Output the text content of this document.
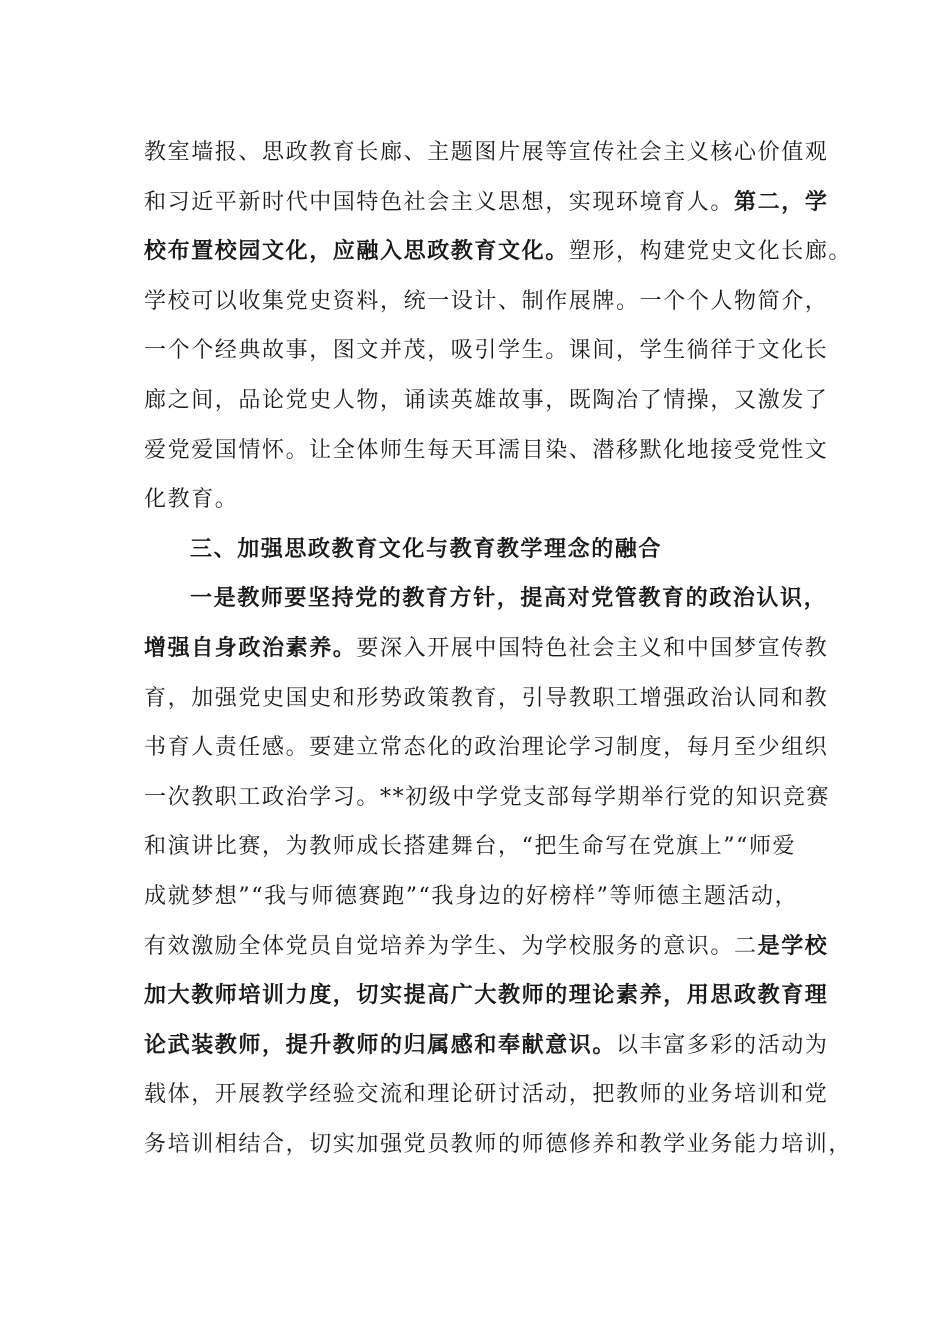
教室墙报、思政教育长廊、主题图片展等宣传社会主义核心价值观
和习近平新时代中国特色社会主义思想，实现环境育人。第二，学
校布置校园文化，应融入思政教育文化。塑形，构建党史文化长廊。
学校可以收集党史资料，统一设计、制作展牌。一个个人物简介，
一个个经典故事，图文并茂，吸引学生。课间，学生徜徉于文化长
廊之间，品论党史人物，诵读英雄故事，既陶冶了情操，又激发了
爱党爱国情怀。让全体师生每天耳濡目染、潜移默化地接受党性文
化教育。
三、加强思政教育文化与教育教学理念的融合
一是教师要坚持党的教育方针，提高对党管教育的政治认识，
增强自身政治素养。要深入开展中国特色社会主义和中国梦宣传教
育，加强党史国史和形势政策教育，引导教职工增强政治认同和教
书育人责任感。要建立常态化的政治理论学习制度，每月至少组织
一次教职工政治学习。**初级中学党支部每学期举行党的知识竞赛
和演讲比赛，为教师成长搭建舞台，“把生命写在党旗上”“师爱
成就梦想”“我与师德赛跑”“我身边的好榜样”等师德主题活动，
有效激励全体党员自觉培养为学生、为学校服务的意识。二是学校
加大教师培训力度，切实提高广大教师的理论素养，用思政教育理
论武装教师，提升教师的归属感和奉献意识。以丰富多彩的活动为
载体，开展教学经验交流和理论研讨活动，把教师的业务培训和党
务培训相结合，切实加强党员教师的师德修养和教学业务能力培训，
